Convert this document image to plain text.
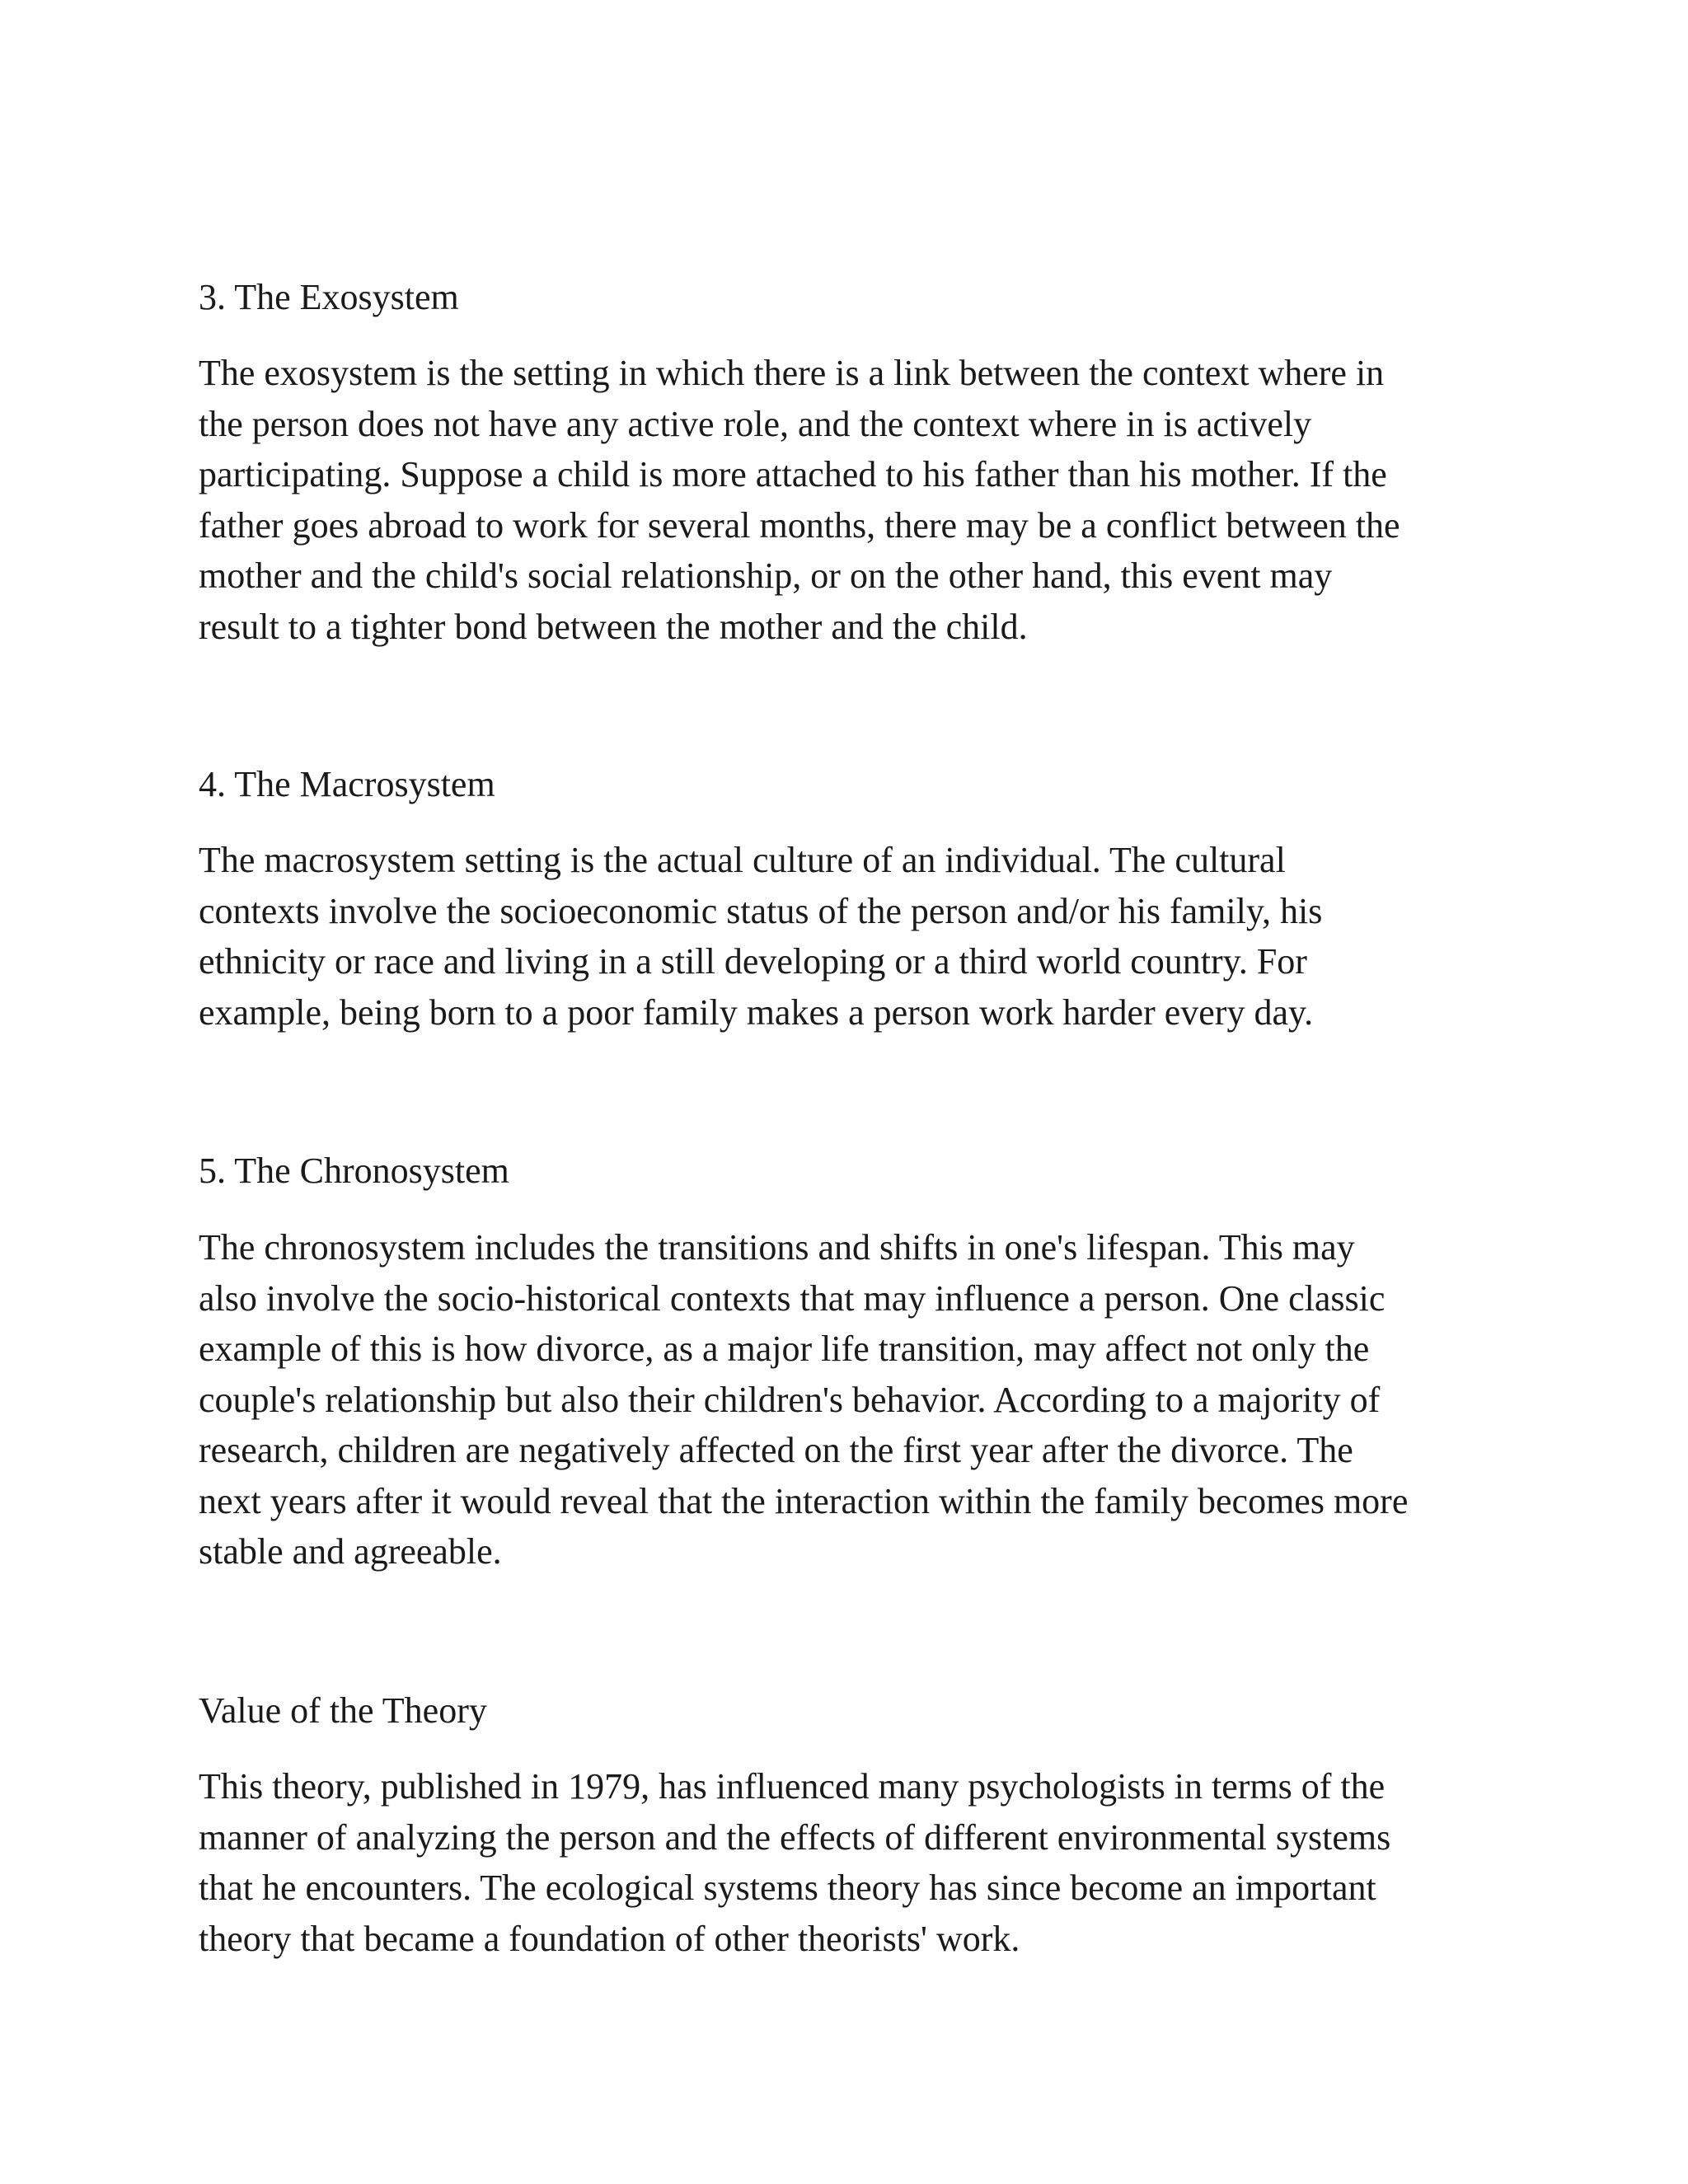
3. The Exosystem
The exosystem is the setting in which there is a link between the context where in
the person does not have any active role, and the context where in is actively
participating. Suppose a child is more attached to his father than his mother. If the
father goes abroad to work for several months, there may be a conflict between the
mother and the child's social relationship, or on the other hand, this event may
result to a tighter bond between the mother and the child.
4. The Macrosystem
The macrosystem setting is the actual culture of an individual. The cultural
contexts involve the socioeconomic status of the person and/or his family, his
ethnicity or race and living in a still developing or a third world country. For
example, being born to a poor family makes a person work harder every day.
5. The Chronosystem
The chronosystem includes the transitions and shifts in one's lifespan. This may
also involve the socio-historical contexts that may influence a person. One classic
example of this is how divorce, as a major life transition, may affect not only the
couple's relationship but also their children's behavior. According to a majority of
research, children are negatively affected on the first year after the divorce. The
next years after it would reveal that the interaction within the family becomes more
stable and agreeable.
Value of the Theory
This theory, published in 1979, has influenced many psychologists in terms of the
manner of analyzing the person and the effects of different environmental systems
that he encounters. The ecological systems theory has since become an important
theory that became a foundation of other theorists' work.
